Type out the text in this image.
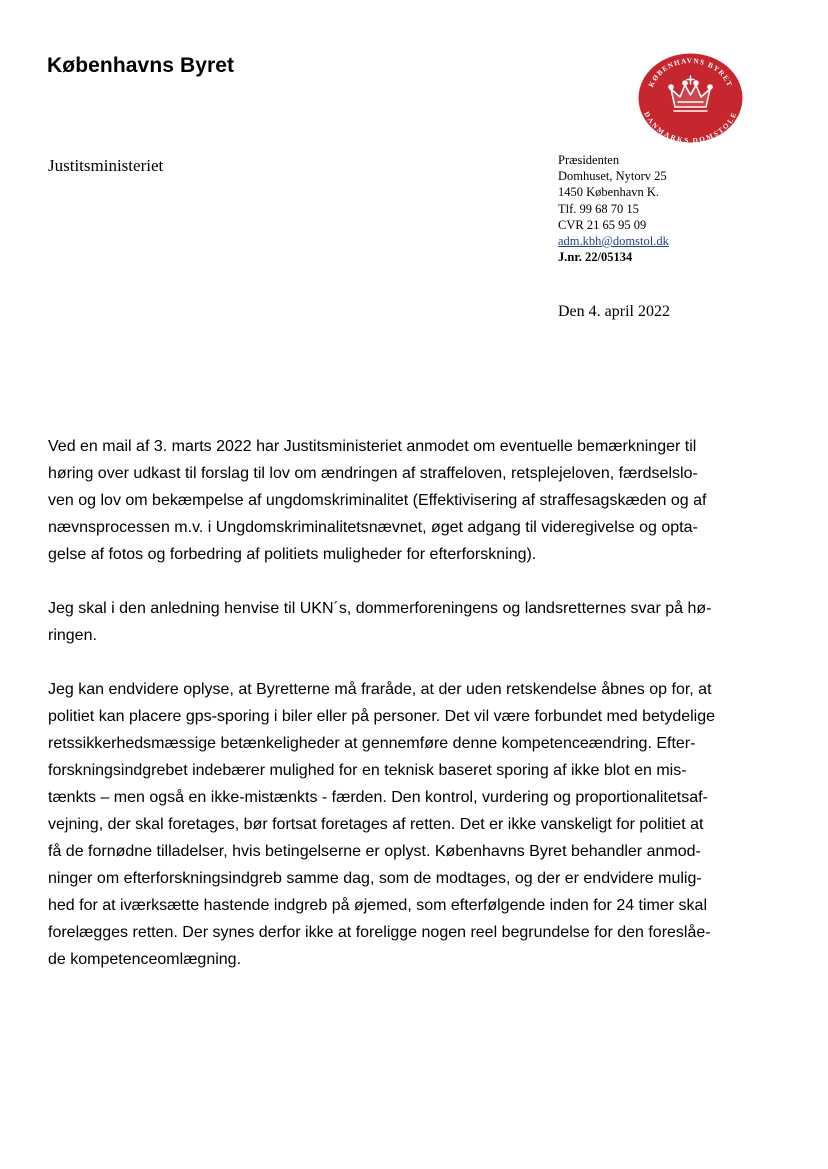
Københavns Byret
KØBENHAVNS BYRET
DANMARKS DOMSTOLE
Justitsministeriet	Præsidenten
Domhuset, Nytorv 25
1450 København K.
Tlf. 99 68 70 15
CVR 21 65 95 09
adm.kbh@domstol.dk
J.nr. 22/05134
Den 4. april 2022

Ved en mail af 3. marts 2022 har Justitsministeriet anmodet om eventuelle bemærkninger til
høring over udkast til forslag til lov om ændringen af straffeloven, retsplejeloven, færdselslo-
ven og lov om bekæmpelse af ungdomskriminalitet (Effektivisering af straffesagskæden og af
nævnsprocessen m.v. i Ungdomskriminalitetsnævnet, øget adgang til videregivelse og opta-
gelse af fotos og forbedring af politiets muligheder for efterforskning).

Jeg skal i den anledning henvise til UKN´s, dommerforeningens og landsretternes svar på hø-
ringen.

Jeg kan endvidere oplyse, at Byretterne må fraråde, at der uden retskendelse åbnes op for, at
politiet kan placere gps-sporing i biler eller på personer. Det vil være forbundet med betydelige
retssikkerhedsmæssige betænkeligheder at gennemføre denne kompetenceændring. Efter-
forskningsindgrebet indebærer mulighed for en teknisk baseret sporing af ikke blot en mis-
tænkts – men også en ikke-mistænkts - færden. Den kontrol, vurdering og proportionalitetsaf-
vejning, der skal foretages, bør fortsat foretages af retten. Det er ikke vanskeligt for politiet at
få de fornødne tilladelser, hvis betingelserne er oplyst. Københavns Byret behandler anmod-
ninger om efterforskningsindgreb samme dag, som de modtages, og der er endvidere mulig-
hed for at iværksætte hastende indgreb på øjemed, som efterfølgende inden for 24 timer skal
forelægges retten. Der synes derfor ikke at foreligge nogen reel begrundelse for den foreslåe-
de kompetenceomlægning.
